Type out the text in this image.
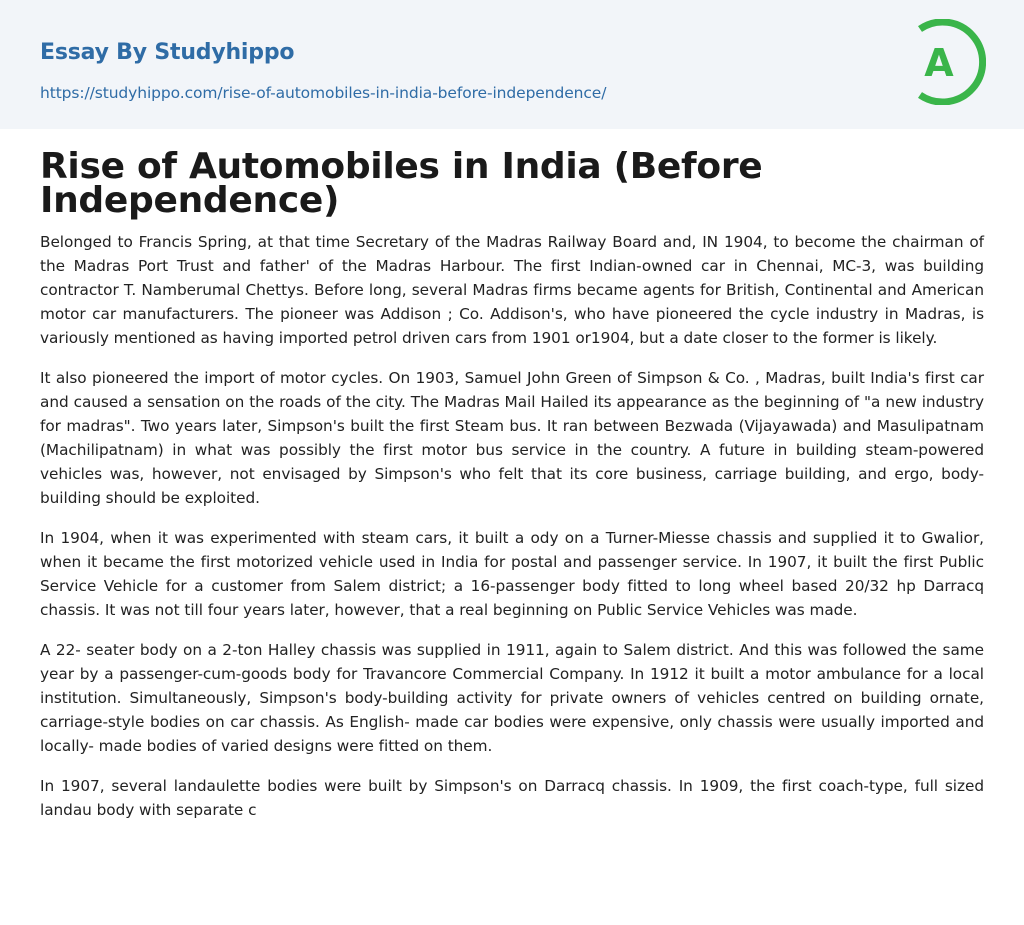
Essay By Studyhippo
https://studyhippo.com/rise-of-automobiles-in-india-before-independence/
A
Rise of Automobiles in India (Before Independence)

Belonged to Francis Spring, at that time Secretary of the Madras Railway Board and, IN 1904, to become the chairman of the Madras Port Trust and father' of the Madras Harbour. The first Indian-owned car in Chennai, MC-3, was building contractor T. Namberumal Chettys. Before long, several Madras firms became agents for British, Continental and American motor car manufacturers. The pioneer was Addison ; Co. Addison's, who have pioneered the cycle industry in Madras, is variously mentioned as having imported petrol driven cars from 1901 or1904, but a date closer to the former is likely.

It also pioneered the import of motor cycles. On 1903, Samuel John Green of Simpson & Co. , Madras, built India's first car and caused a sensation on the roads of the city. The Madras Mail Hailed its appearance as the beginning of "a new industry for madras". Two years later, Simpson's built the first Steam bus. It ran between Bezwada (Vijayawada) and Masulipatnam (Machilipatnam) in what was possibly the first motor bus service in the country. A future in building steam-powered vehicles was, however, not envisaged by Simpson's who felt that its core business, carriage building, and ergo, body-building should be exploited.

In 1904, when it was experimented with steam cars, it built a ody on a Turner-Miesse chassis and supplied it to Gwalior, when it became the first motorized vehicle used in India for postal and passenger service. In 1907, it built the first Public Service Vehicle for a customer from Salem district; a 16-passenger body fitted to long wheel based 20/32 hp Darracq chassis. It was not till four years later, however, that a real beginning on Public Service Vehicles was made.

A 22- seater body on a 2-ton Halley chassis was supplied in 1911, again to Salem district. And this was followed the same year by a passenger-cum-goods body for Travancore Commercial Company. In 1912 it built a motor ambulance for a local institution. Simultaneously, Simpson's body-building activity for private owners of vehicles centred on building ornate, carriage-style bodies on car chassis. As English- made car bodies were expensive, only chassis were usually imported and locally- made bodies of varied designs were fitted on them.

In 1907, several landaulette bodies were built by Simpson's on Darracq chassis. In 1909, the first coach-type, full sized landau body with separate c
